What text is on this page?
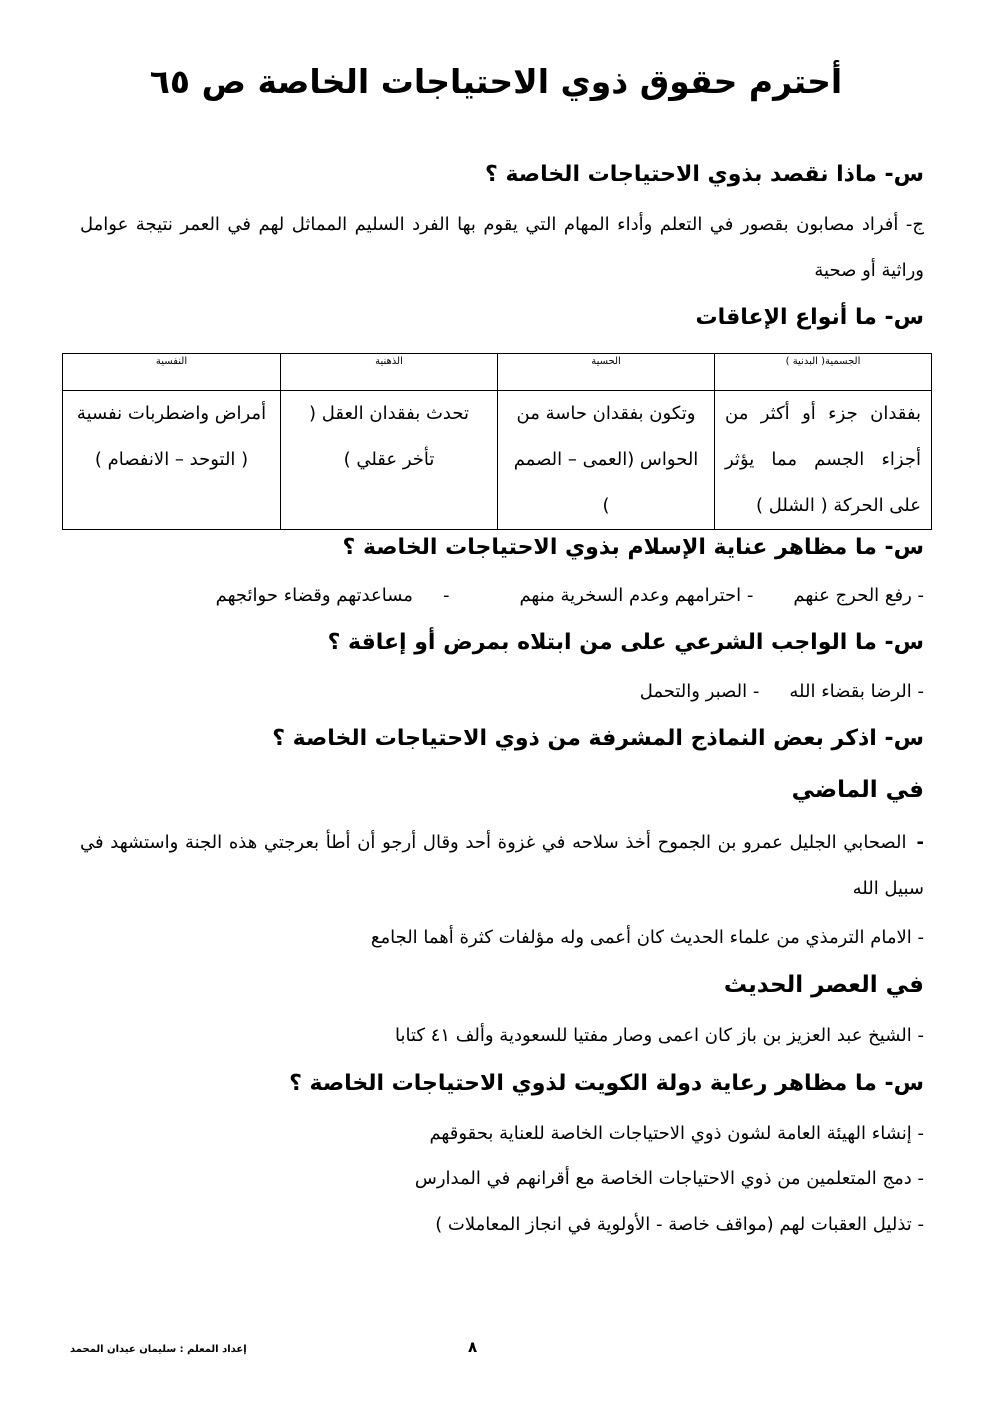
أحترم حقوق ذوي الاحتياجات الخاصة ص ٦٥
س- ماذا نقصد بذوي الاحتياجات الخاصة ؟
ج- أفراد مصابون بقصور في التعلم وأداء المهام التي يقوم بها الفرد السليم المماثل لهم في العمر نتيجة عوامل وراثية أو صحية
س- ما أنواع الإعاقات
الجسمية( البدنية )	الحسية	الذهنية	النفسية
بفقدان جزء أو أكثر من أجزاء الجسم مما يؤثر على الحركة ( الشلل )	وتكون بفقدان حاسة من الحواس (العمى – الصمم )	تحدث بفقدان العقل ( تأخر عقلي )	أمراض واضطربات نفسية ( التوحد – الانفصام )
س- ما مظاهر عناية الإسلام بذوي الاحتياجات الخاصة ؟
- رفع الحرج عنهم
- احترامهم وعدم السخرية منهم
-
مساعدتهم وقضاء حوائجهم
س- ما الواجب الشرعي على من ابتلاه بمرض أو إعاقة ؟
- الرضا بقضاء الله
- الصبر والتحمل
س- اذكر بعض النماذج المشرفة من ذوي الاحتياجات الخاصة ؟
في الماضي
-الصحابي الجليل عمرو بن الجموح أخذ سلاحه في غزوة أحد وقال أرجو أن أطأ بعرجتي هذه الجنة واستشهد في سبيل الله
- الامام الترمذي من علماء الحديث كان أعمى وله مؤلفات كثرة أهما الجامع
في العصر الحديث
- الشيخ عبد العزيز بن باز كان اعمى وصار مفتيا للسعودية وألف ٤١ كتابا
س- ما مظاهر رعاية دولة الكويت لذوي الاحتياجات الخاصة ؟
- إنشاء الهيئة العامة لشون ذوي الاحتياجات الخاصة للعناية بحقوقهم
- دمج المتعلمين من ذوي الاحتياجات الخاصة مع أقرانهم في المدارس
- تذليل العقبات لهم (مواقف خاصة - الأولوية في انجاز المعاملات )
٨
إعداد المعلم : سليمان عيدان المحمد
